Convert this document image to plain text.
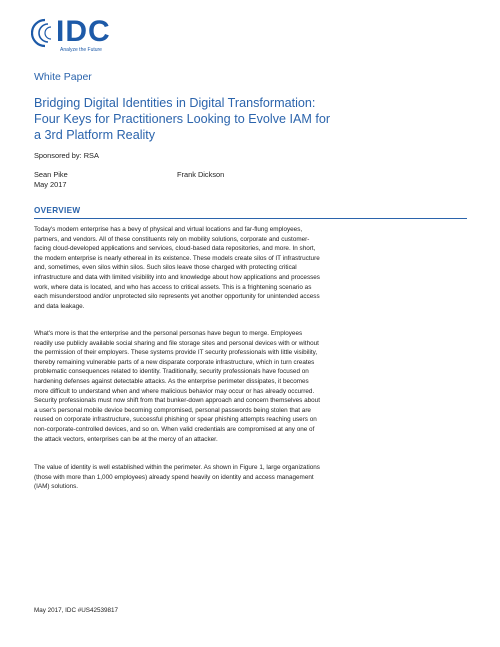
IDC
Analyze the Future
White Paper
Bridging Digital Identities in Digital Transformation:
Four Keys for Practitioners Looking to Evolve IAM for
a 3rd Platform Reality
Sponsored by: RSA
Sean Pike	Frank Dickson
May 2017
OVERVIEW
Today's modern enterprise has a bevy of physical and virtual locations and far-flung employees,
partners, and vendors. All of these constituents rely on mobility solutions, corporate and customer-
facing cloud-developed applications and services, cloud-based data repositories, and more. In short,
the modern enterprise is nearly ethereal in its existence. These models create silos of IT infrastructure
and, sometimes, even silos within silos. Such silos leave those charged with protecting critical
infrastructure and data with limited visibility into and knowledge about how applications and processes
work, where data is located, and who has access to critical assets. This is a frightening scenario as
each misunderstood and/or unprotected silo represents yet another opportunity for unintended access
and data leakage.
What's more is that the enterprise and the personal personas have begun to merge. Employees
readily use publicly available social sharing and file storage sites and personal devices with or without
the permission of their employers. These systems provide IT security professionals with little visibility,
thereby remaining vulnerable parts of a new disparate corporate infrastructure, which in turn creates
problematic consequences related to identity. Traditionally, security professionals have focused on
hardening defenses against detectable attacks. As the enterprise perimeter dissipates, it becomes
more difficult to understand when and where malicious behavior may occur or has already occurred.
Security professionals must now shift from that bunker-down approach and concern themselves about
a user's personal mobile device becoming compromised, personal passwords being stolen that are
reused on corporate infrastructure, successful phishing or spear phishing attempts reaching users on
non-corporate-controlled devices, and so on. When valid credentials are compromised at any one of
the attack vectors, enterprises can be at the mercy of an attacker.
The value of identity is well established within the perimeter. As shown in Figure 1, large organizations
(those with more than 1,000 employees) already spend heavily on identity and access management
(IAM) solutions.
May 2017, IDC #US42539817
